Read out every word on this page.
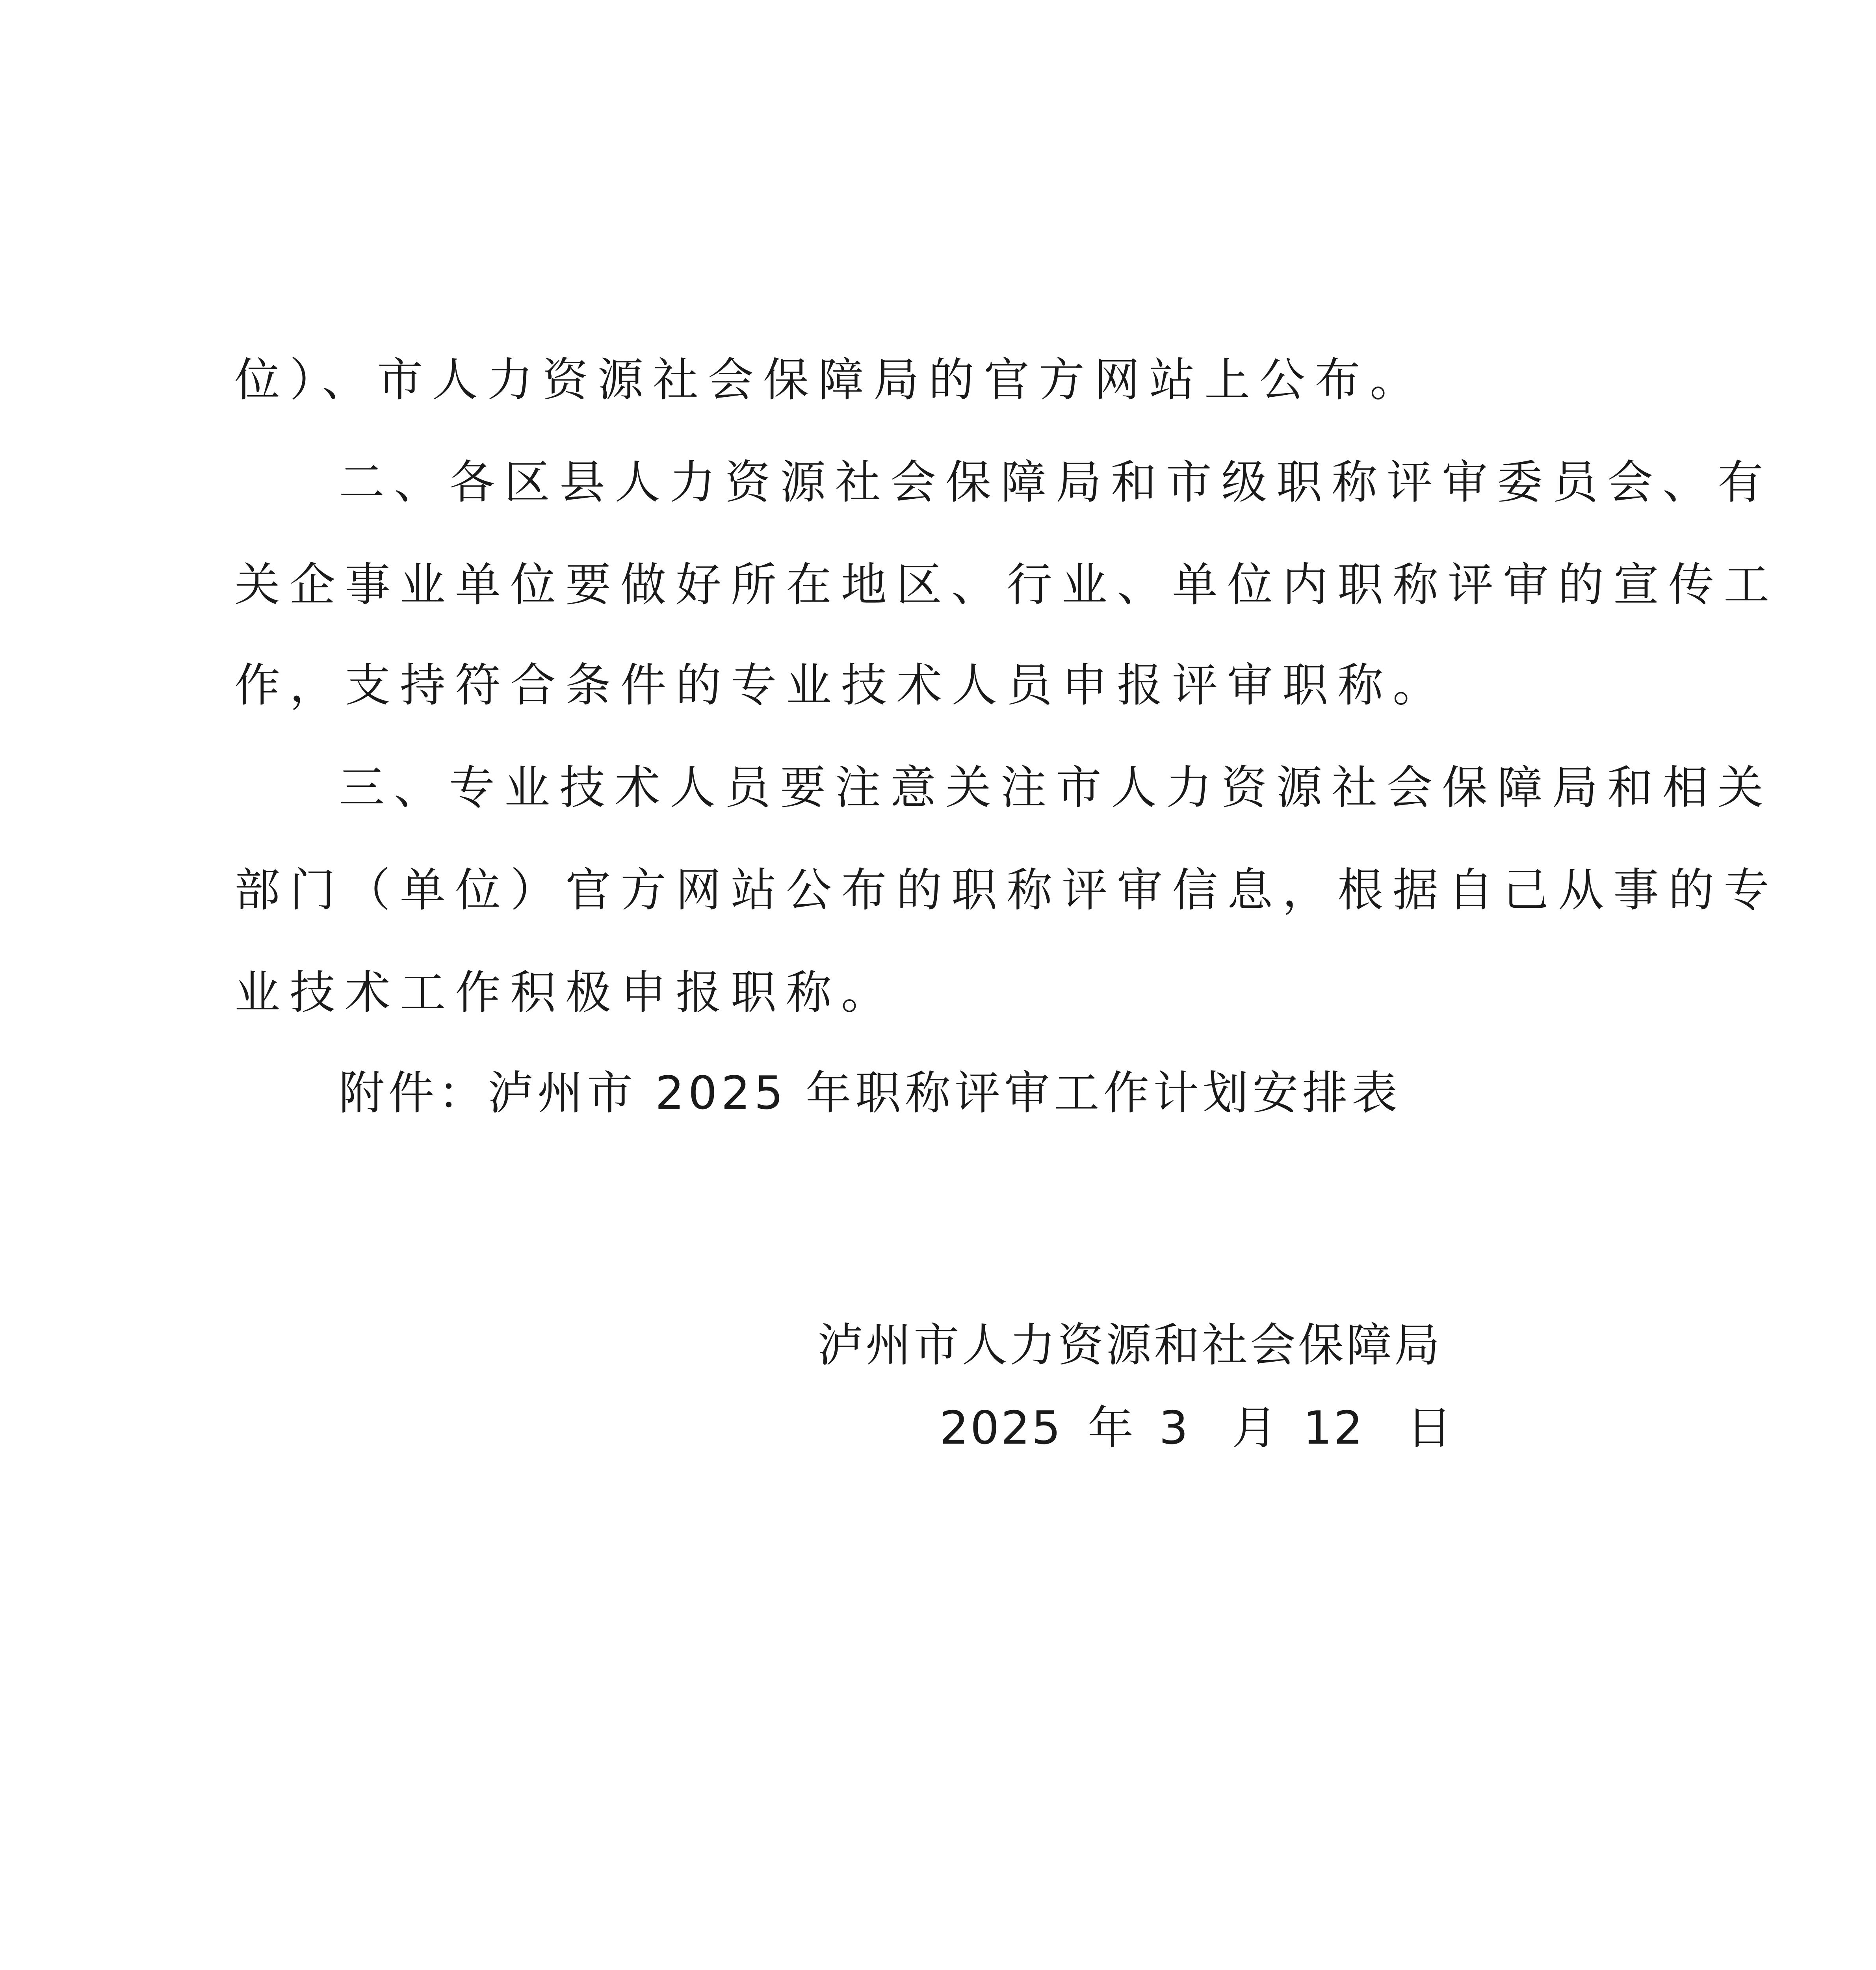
位）、市人力资源社会保障局的官方网站上公布。
二、各区县人力资源社会保障局和市级职称评审委员会、有
关企事业单位要做好所在地区、行业、单位内职称评审的宣传工
作，支持符合条件的专业技术人员申报评审职称。
三、专业技术人员要注意关注市人力资源社会保障局和相关
部门（单位）官方网站公布的职称评审信息，根据自己从事的专
业技术工作积极申报职称。
附件：泸州市 2025 年职称评审工作计划安排表
泸州市人力资源和社会保障局
2025 年 3 月 12 日
